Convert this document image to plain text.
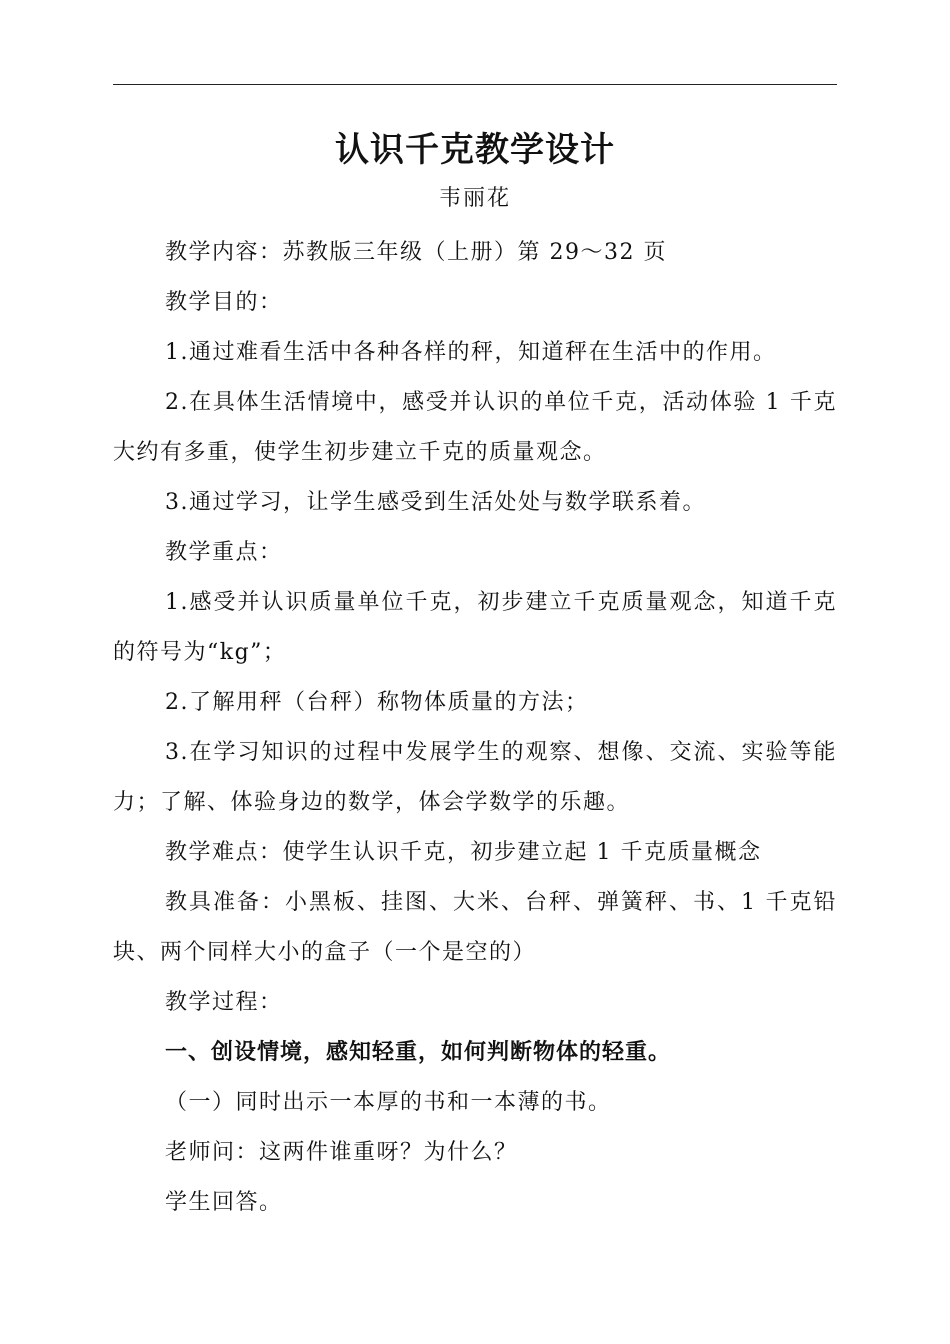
认识千克教学设计
韦丽花

教学内容：苏教版三年级（上册）第 29～32 页

教学目的：

1.通过难看生活中各种各样的秤，知道秤在生活中的作用。

2.在具体生活情境中，感受并认识的单位千克，活动体验 1 千克大约有多重，使学生初步建立千克的质量观念。

3.通过学习，让学生感受到生活处处与数学联系着。

教学重点：

1.感受并认识质量单位千克，初步建立千克质量观念，知道千克的符号为“kg”；

2.了解用秤（台秤）称物体质量的方法；

3.在学习知识的过程中发展学生的观察、想像、交流、实验等能力；了解、体验身边的数学，体会学数学的乐趣。

教学难点：使学生认识千克，初步建立起 1 千克质量概念

教具准备：小黑板、挂图、大米、台秤、弹簧秤、书、1 千克铅块、两个同样大小的盒子（一个是空的）

教学过程：

一、创设情境，感知轻重，如何判断物体的轻重。

（一）同时出示一本厚的书和一本薄的书。

老师问：这两件谁重呀？为什么？

学生回答。
